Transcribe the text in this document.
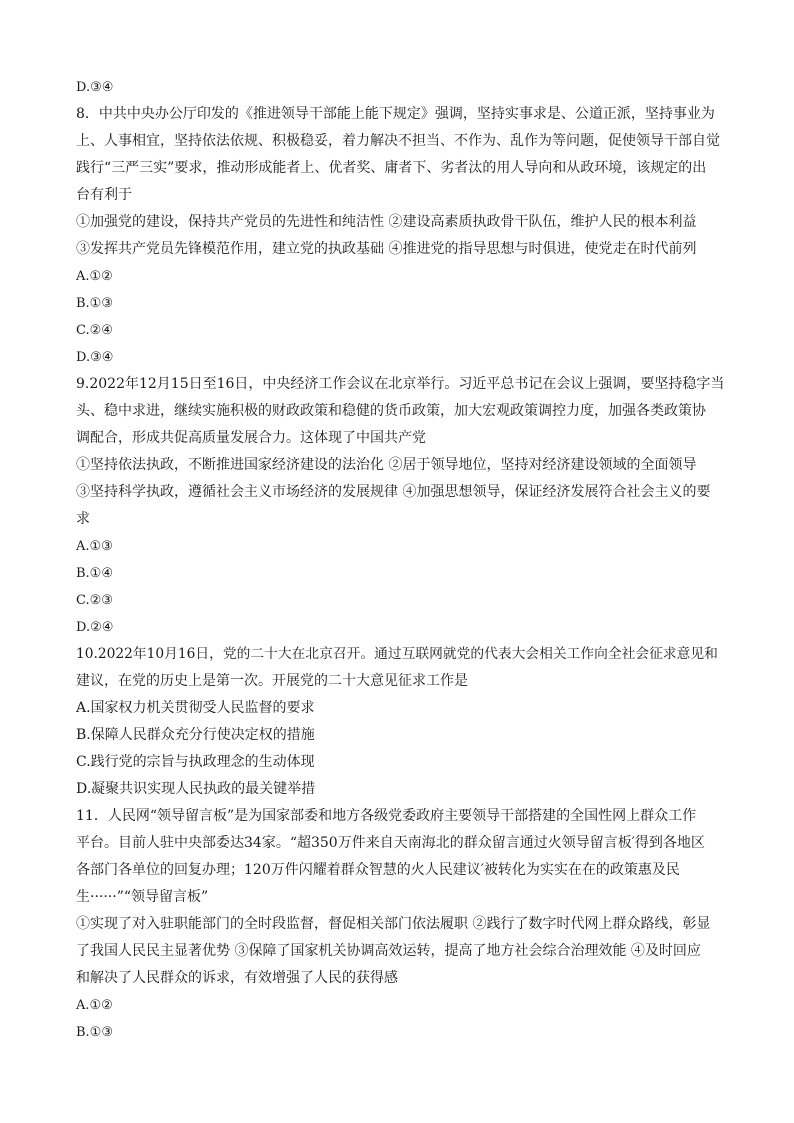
D.③④
8．中共中央办公厅印发的《推进领导干部能上能下规定》强调，坚持实事求是、公道正派，坚持事业为
上、人事相宜，坚持依法依规、积极稳妥，着力解决不担当、不作为、乱作为等问题，促使领导干部自觉
践行“三严三实”要求，推动形成能者上、优者奖、庸者下、劣者汰的用人导向和从政环境，该规定的出
台有利于
①加强党的建设，保持共产党员的先进性和纯洁性 ②建设高素质执政骨干队伍，维护人民的根本利益
③发挥共产党员先锋模范作用，建立党的执政基础 ④推进党的指导思想与时俱进，使党走在时代前列
A.①②
B.①③
C.②④
D.③④
9.2022年12月15日至16日，中央经济工作会议在北京举行。习近平总书记在会议上强调，要坚持稳字当
头、稳中求进，继续实施积极的财政政策和稳健的货币政策，加大宏观政策调控力度，加强各类政策协
调配合，形成共促高质量发展合力。这体现了中国共产党
①坚持依法执政，不断推进国家经济建设的法治化 ②居于领导地位，坚持对经济建设领域的全面领导
③坚持科学执政，遵循社会主义市场经济的发展规律 ④加强思想领导，保证经济发展符合社会主义的要
求
A.①③
B.①④
C.②③
D.②④
10.2022年10月16日，党的二十大在北京召开。通过互联网就党的代表大会相关工作向全社会征求意见和
建议，在党的历史上是第一次。开展党的二十大意见征求工作是
A.国家权力机关贯彻受人民监督的要求
B.保障人民群众充分行使决定权的措施
C.践行党的宗旨与执政理念的生动体现
D.凝聚共识实现人民执政的最关键举措
11．人民网“领导留言板”是为国家部委和地方各级党委政府主要领导干部搭建的全国性网上群众工作
平台。目前人驻中央部委达34家。“超350万件来自天南海北的群众留言通过火领导留言板′得到各地区
各部门各单位的回复办理；120万件闪耀着群众智慧的火人民建议′被转化为实实在在的政策惠及民
生······”“领导留言板”
①实现了对入驻职能部门的全时段监督，督促相关部门依法履职 ②践行了数字时代网上群众路线，彰显
了我国人民民主显著优势 ③保障了国家机关协调高效运转，提高了地方社会综合治理效能 ④及时回应
和解决了人民群众的诉求，有效增强了人民的获得感
A.①②
B.①③
